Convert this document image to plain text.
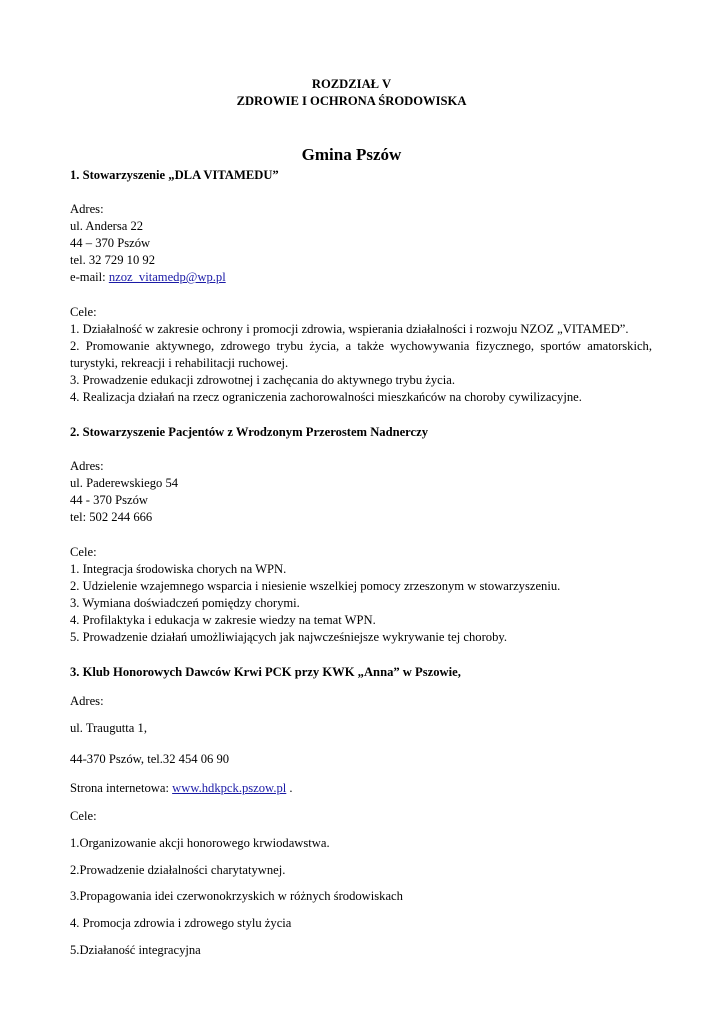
ROZDZIAŁ V
ZDROWIE I OCHRONA ŚRODOWISKA
Gmina Pszów
1. Stowarzyszenie „DLA VITAMEDU”
Adres:
ul. Andersa 22
44 – 370 Pszów
tel. 32 729 10 92
e-mail: nzoz_vitamedp@wp.pl
Cele:
1. Działalność w zakresie ochrony i promocji zdrowia, wspierania działalności i rozwoju NZOZ „VITAMED”.
2. Promowanie aktywnego, zdrowego trybu życia, a także wychowywania fizycznego, sportów amatorskich,
turystyki, rekreacji i rehabilitacji ruchowej.
3. Prowadzenie edukacji zdrowotnej i zachęcania do aktywnego trybu życia.
4. Realizacja działań na rzecz ograniczenia zachorowalności mieszkańców na choroby cywilizacyjne.
2. Stowarzyszenie Pacjentów z Wrodzonym Przerostem Nadnerczy
Adres:
ul. Paderewskiego 54
44 - 370 Pszów
tel: 502 244 666
Cele:
1. Integracja środowiska chorych na WPN.
2. Udzielenie wzajemnego wsparcia i niesienie wszelkiej pomocy zrzeszonym w stowarzyszeniu.
3. Wymiana doświadczeń pomiędzy chorymi.
4. Profilaktyka i edukacja w zakresie wiedzy na temat WPN.
5. Prowadzenie działań umożliwiających jak najwcześniejsze wykrywanie tej choroby.
3. Klub Honorowych Dawców Krwi PCK przy KWK „Anna” w Pszowie,
Adres:
ul. Traugutta 1,
44-370 Pszów, tel.32 454 06 90
Strona internetowa: www.hdkpck.pszow.pl .
Cele:
1.Organizowanie akcji honorowego krwiodawstwa.
2.Prowadzenie działalności charytatywnej.
3.Propagowania idei czerwonokrzyskich w różnych środowiskach
4. Promocja zdrowia i zdrowego stylu życia
5.Działaność integracyjna
